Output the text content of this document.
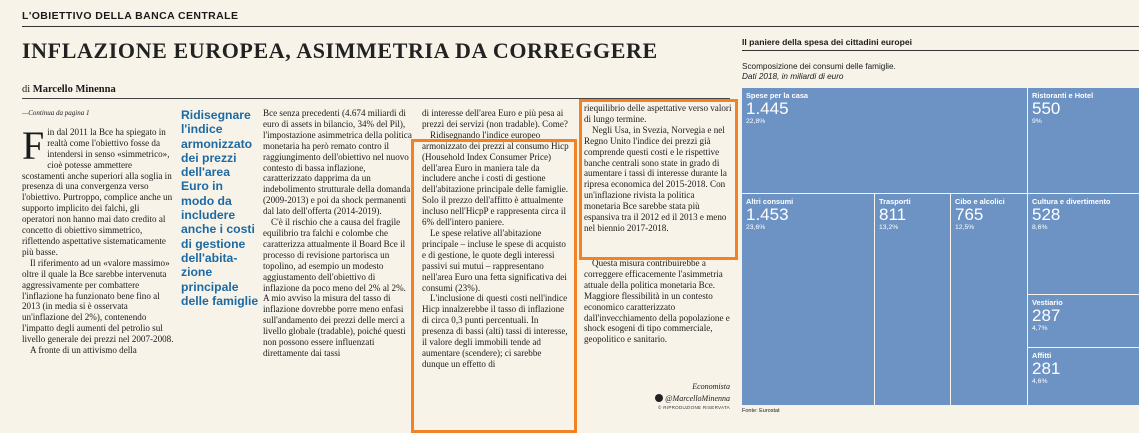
L'OBIETTIVO DELLA BANCA CENTRALE
INFLAZIONE EUROPEA, ASIMMETRIA DA CORREGGERE
di Marcello Minenna

—Continua da pagina 1

Fin dal 2011 la Bce ha spiegato in realtà come l'obiettivo fosse da intendersi in senso «simmetrico», cioè potesse ammettere scostamenti anche superiori alla soglia in presenza di una convergenza verso l'obiettivo. Purtroppo, complice anche un supporto implicito dei falchi, gli operatori non hanno mai dato credito al concetto di obiettivo simmetrico, riflettendo aspettative sistematicamente più basse.

Il riferimento ad un «valore massimo» oltre il quale la Bce sarebbe intervenuta aggressivamente per combattere l'inflazione ha funzionato bene fino al 2013 (in media si è osservata un'inflazione del 2%), contenendo l'impatto degli aumenti del petrolio sul livello generale dei prezzi nel 2007-2008.

A fronte di un attivismo della

Ridisegnare l'indice armonizzato dei prezzi dell'area Euro in modo da includere anche i costi di gestione dell'abita- zione principale delle famiglie

Bce senza precedenti (4.674 miliardi di euro di assets in bilancio, 34% del Pil), l'impostazione asimmetrica della politica monetaria ha però remato contro il raggiungimento dell'obiettivo nel nuovo contesto di bassa inflazione, caratterizzato dapprima da un indebolimento strutturale della domanda (2009-2013) e poi da shock permanenti dal lato dell'offerta (2014-2019).

C'è il rischio che a causa del fragile equilibrio tra falchi e colombe che caratterizza attualmente il Board Bce il processo di revisione partorisca un topolino, ad esempio un modesto aggiustamento dell'obiettivo di inflazione da poco meno del 2% al 2%. A mio avviso la misura del tasso di inflazione dovrebbe porre meno enfasi sull'andamento dei prezzi delle merci a livello globale (tradable), poiché questi non possono essere influenzati direttamente dai tassi

di interesse dell'area Euro e più pesa ai prezzi dei servizi (non tradable). Come?

Ridisegnando l'indice europeo armonizzato dei prezzi al consumo Hicp (Household Index Consumer Price) dell'area Euro in maniera tale da includere anche i costi di gestione dell'abitazione principale delle famiglie. Solo il prezzo dell'affitto è attualmente incluso nell'HicpP e rappresenta circa il 6% dell'intero paniere.

Le spese relative all'abitazione principale – incluse le spese di acquisto e di gestione, le quote degli interessi passivi sui mutui – rappresentano nell'area Euro una fetta significativa dei consumi (23%).

L'inclusione di questi costi nell'indice Hicp innalzerebbe il tasso di inflazione di circa 0,3 punti percentuali. In presenza di bassi (alti) tassi di interesse, il valore degli immobili tende ad aumentare (scendere); ci sarebbe dunque un effetto di

riequilibrio delle aspettative verso valori di lungo termine.

Negli Usa, in Svezia, Norvegia e nel Regno Unito l'indice dei prezzi già comprende questi costi e le rispettive banche centrali sono state in grado di aumentare i tassi di interesse durante la ripresa economica del 2015-2018. Con un'inflazione rivista la politica monetaria Bce sarebbe stata più espansiva tra il 2012 ed il 2013 e meno nel biennio 2017-2018.

Questa misura contribuirebbe a correggere efficacemente l'asimmetria attuale della politica monetaria Bce. Maggiore flessibilità in un contesto economico caratterizzato dall'invecchiamento della popolazione e shock esogeni di tipo commerciale, geopolitico e sanitario.

Economista
@MarcelloMinenna
© RIPRODUZIONE RISERVATA
Il paniere della spesa dei cittadini europei
Scomposizione dei consumi delle famiglie.
Dati 2018, in miliardi di euro
Spese per la casa
1.445
22,8%
Ristoranti e Hotel
550
9%
Altri consumi
1.453
23,6%
Trasporti
811
13,2%
Cibo e alcolici
765
12,5%
Cultura e divertimento
528
8,6%
Vestiario
287
4,7%
Affitti
281
4,6%
Fonte: Eurostat
